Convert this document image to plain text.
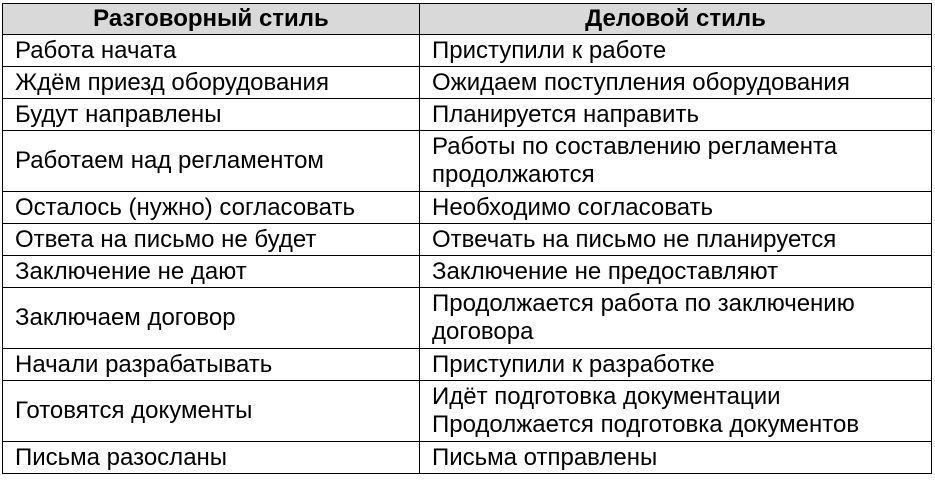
Разговорный стиль	Деловой стиль
Работа начата	Приступили к работе

Ждём приезд оборудования	Ожидаем поступления оборудования

Будут направлены	Планируется направить

Работаем над регламентом	Работы по составлению регламента
продолжаются

Осталось (нужно) согласовать	Необходимо согласовать

Ответа на письмо не будет	Отвечать на письмо не планируется

Заключение не дают	Заключение не предоставляют

Заключаем договор	Продолжается работа по заключению
договора

Начали разрабатывать	Приступили к разработке

Готовятся документы	Идёт подготовка документации
Продолжается подготовка документов

Письма разосланы	Письма отправлены
